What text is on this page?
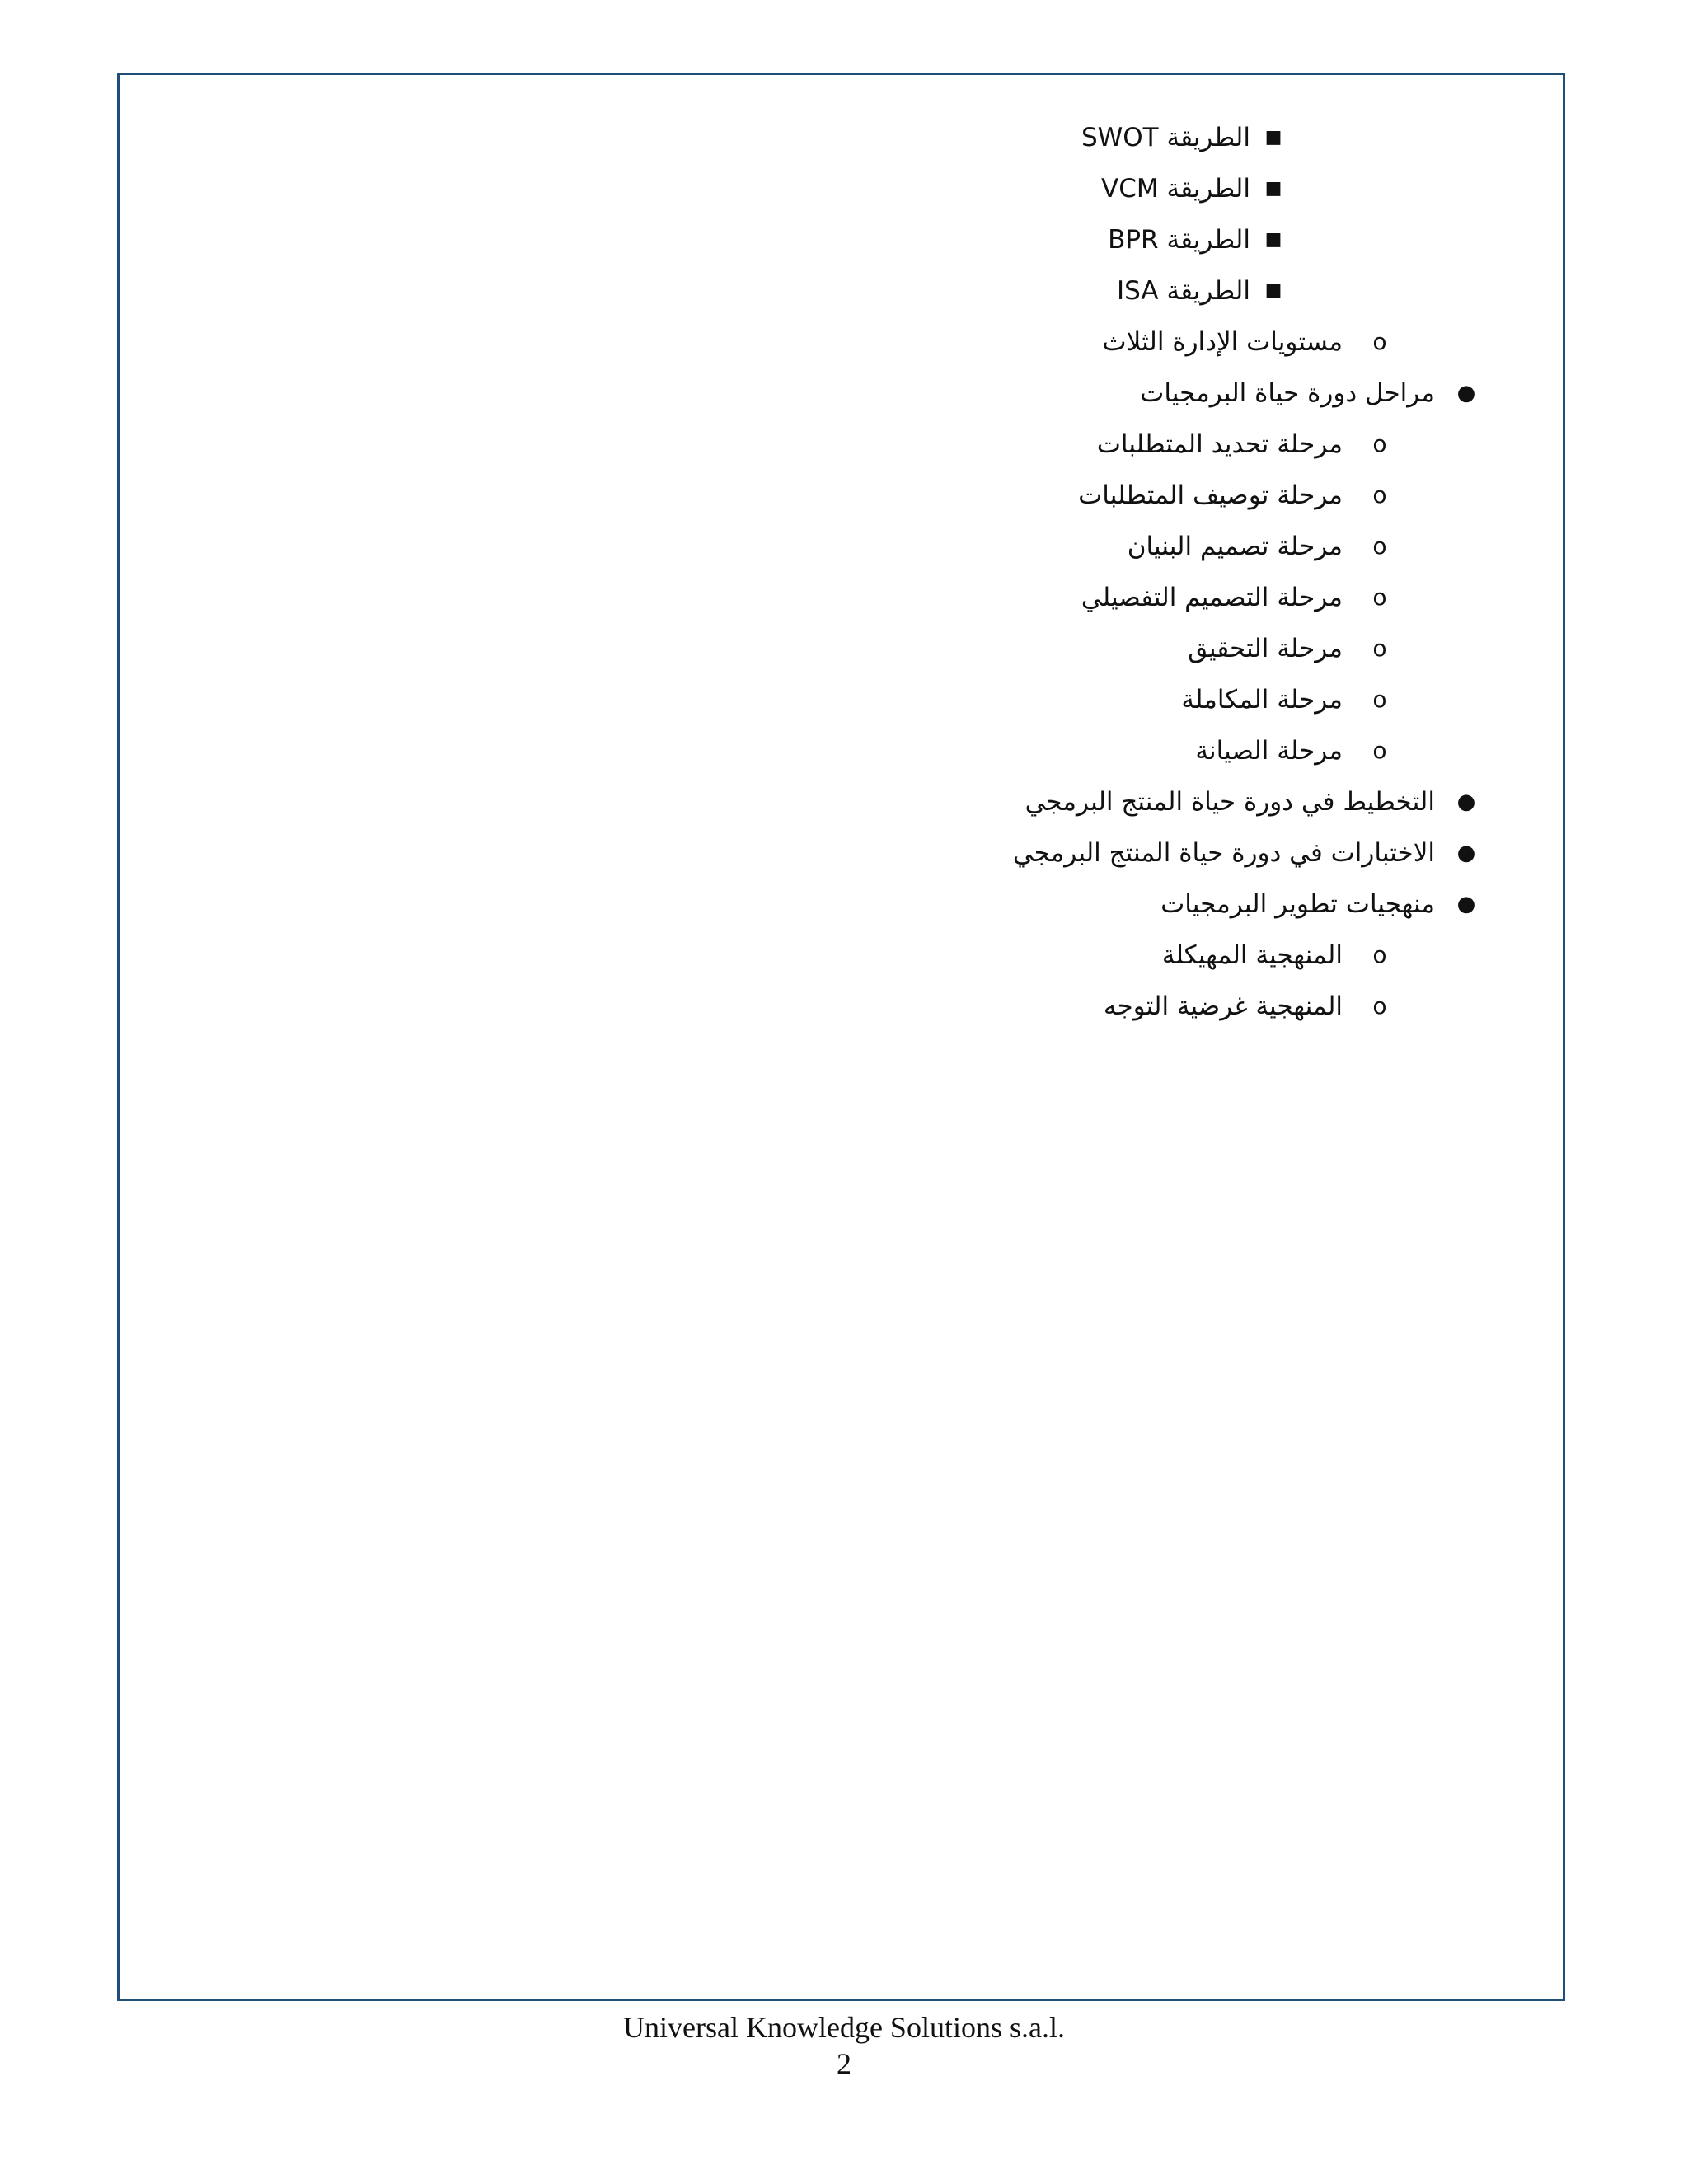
■
الطريقة SWOT
■
الطريقة VCM
■
الطريقة BPR
■
الطريقة ISA
o
مستويات الإدارة الثلاث
●
مراحل دورة حياة البرمجيات
o
مرحلة تحديد المتطلبات
o
مرحلة توصيف المتطلبات
o
مرحلة تصميم البنيان
o
مرحلة التصميم التفصيلي
o
مرحلة التحقيق
o
مرحلة المكاملة
o
مرحلة الصيانة
●
التخطيط في دورة حياة المنتج البرمجي
●
الاختبارات في دورة حياة المنتج البرمجي
●
منهجيات تطوير البرمجيات
o
المنهجية المهيكلة
o
المنهجية غرضية التوجه
Universal Knowledge Solutions s.a.l.
2
